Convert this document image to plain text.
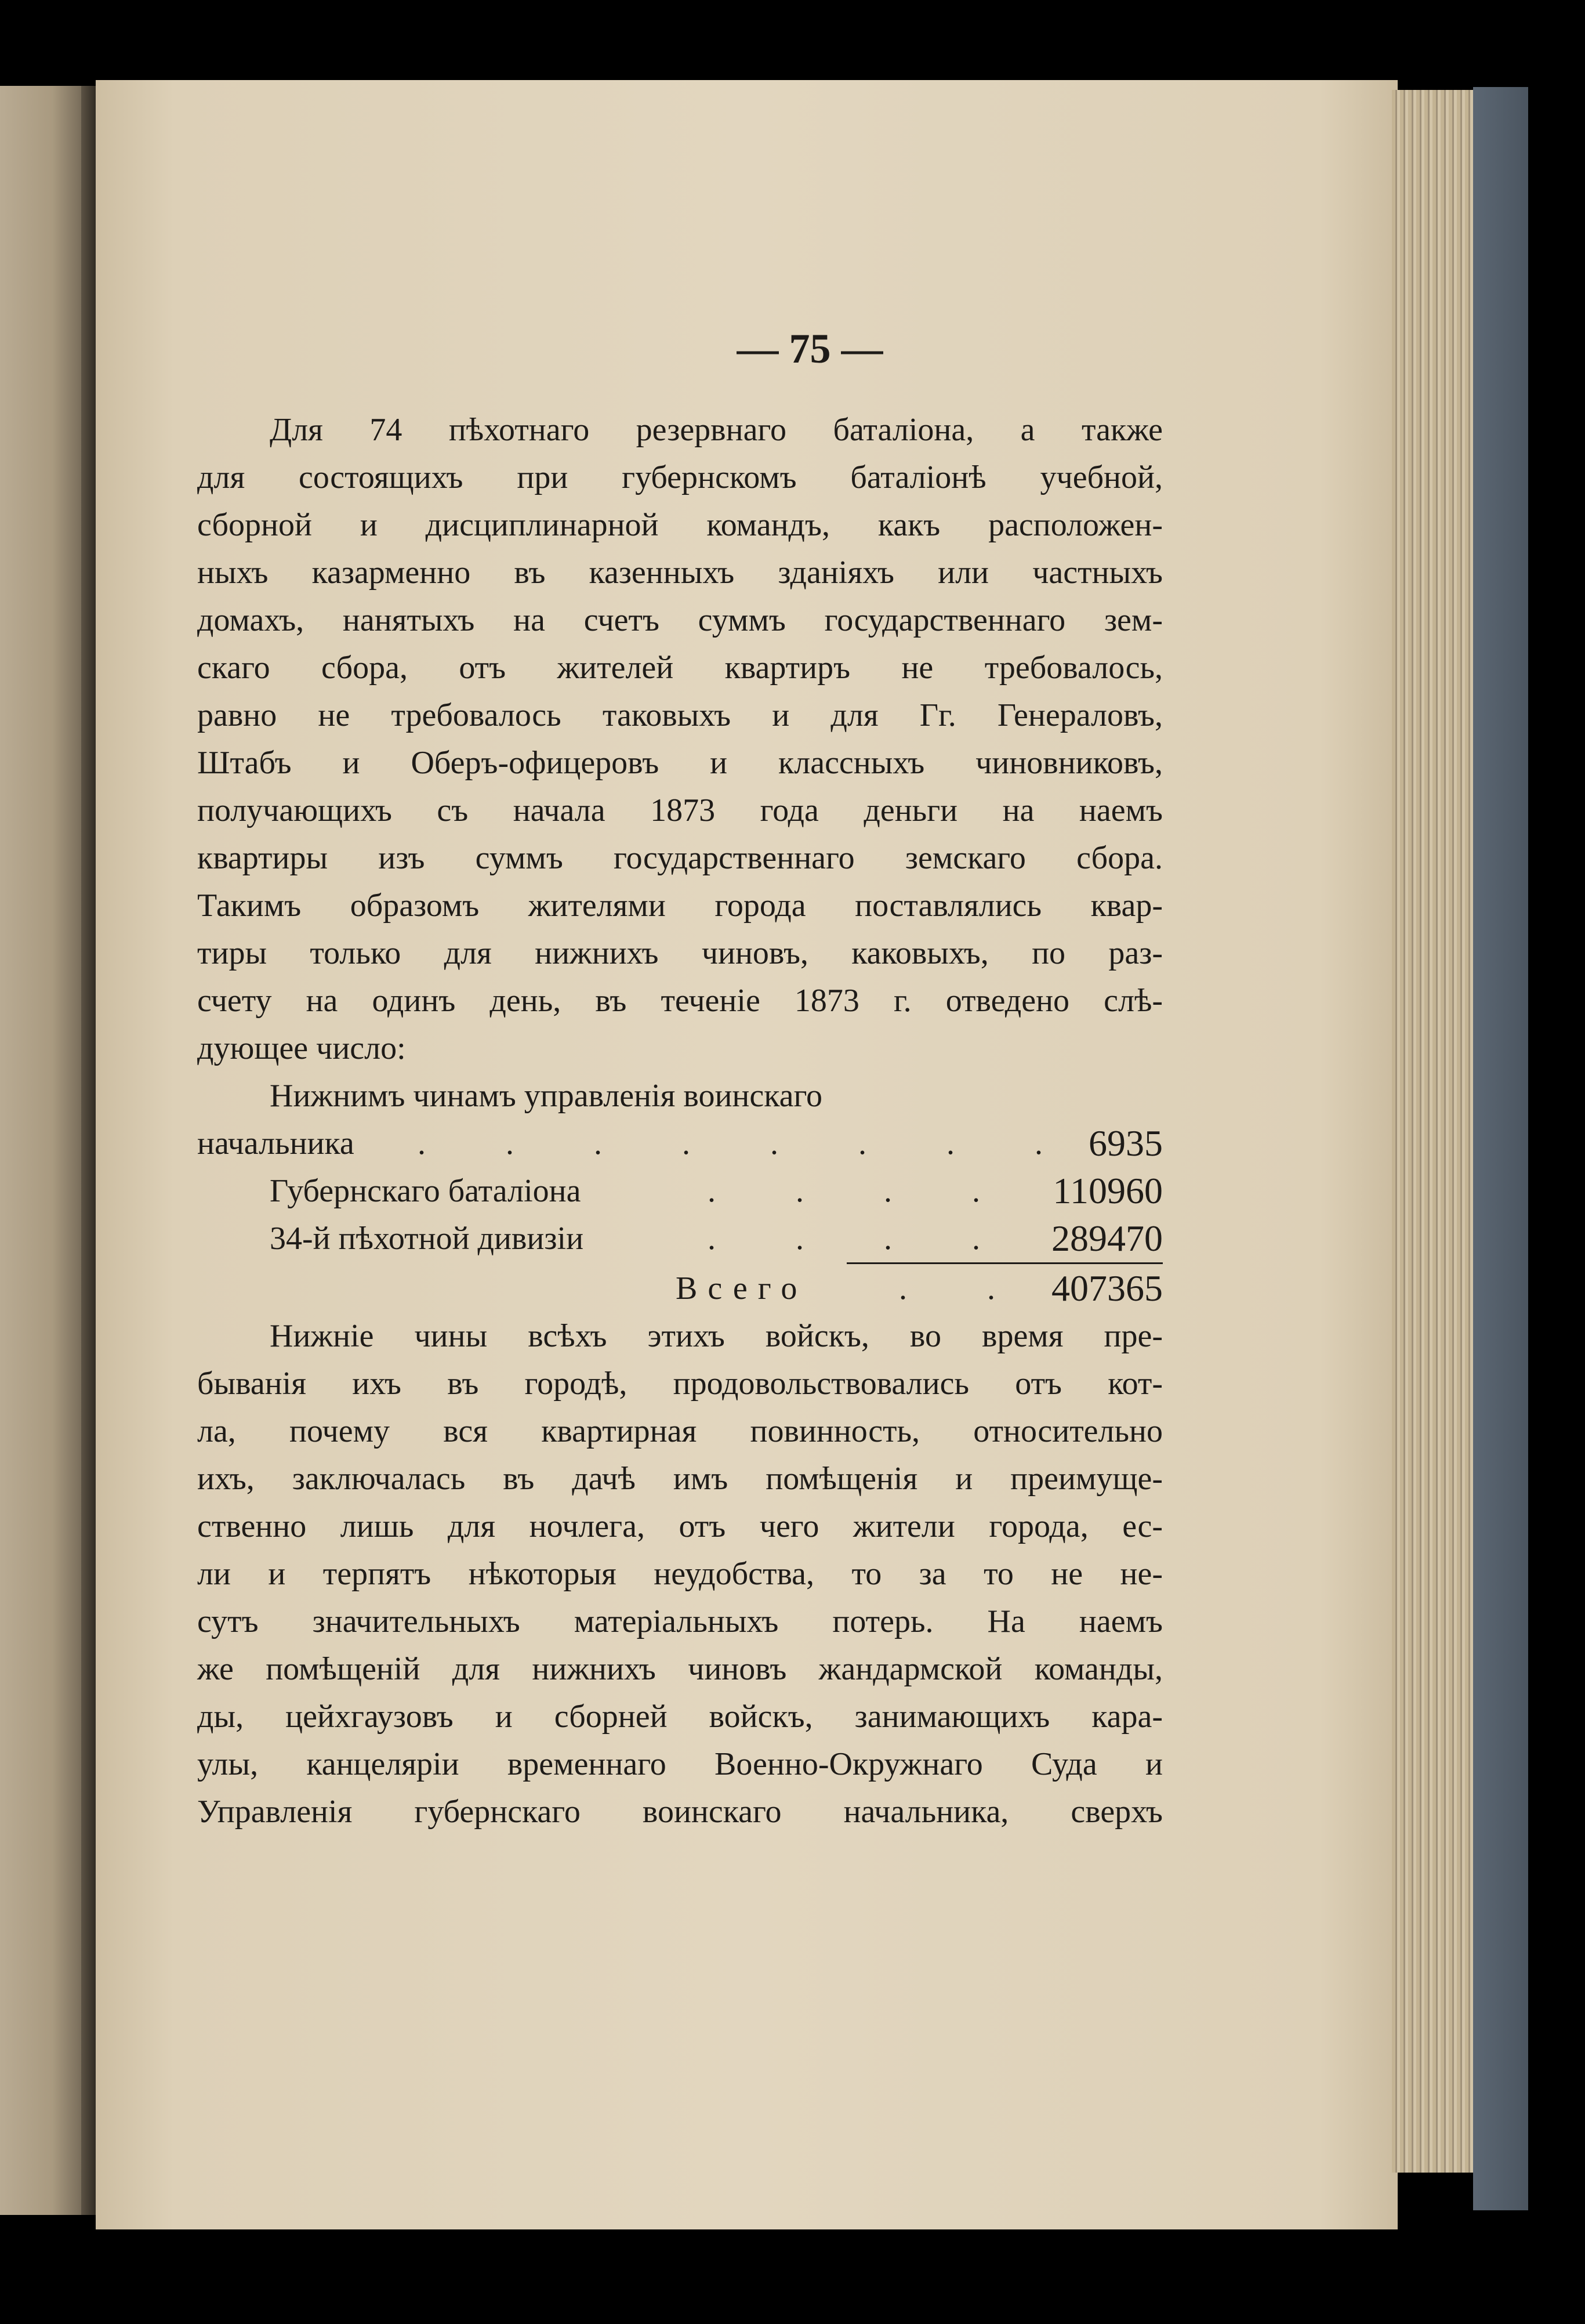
— 75 —
Для 74 пѣхотнаго резервнаго баталіона, а также
для состоящихъ при губернскомъ баталіонѣ учебной,
сборной и дисциплинарной командъ, какъ расположен-
ныхъ казарменно въ казенныхъ зданіяхъ или частныхъ
домахъ, нанятыхъ на счетъ суммъ государственнаго зем-
скаго сбора, отъ жителей квартиръ не требовалось,
равно не требовалось таковыхъ и для Гг. Генераловъ,
Штабъ и Оберъ-офицеровъ и классныхъ чиновниковъ,
получающихъ съ начала 1873 года деньги на наемъ
квартиры изъ суммъ государственнаго земскаго сбора.
Такимъ образомъ жителями города поставлялись квар-
тиры только для нижнихъ чиновъ, каковыхъ, по раз-
счету на одинъ день, въ теченіе 1873 г. отведено слѣ-
дующее число:
Нижнимъ чинамъ управленія воинскаго
начальника . . . . . . . . 6935
Губернскаго баталіона	. . . . 110960
34-й пѣхотной дивизіи	. . . . 289470
Всего	. . 407365
Нижніе чины всѣхъ этихъ войскъ, во время пре-
быванія ихъ въ городѣ, продовольствовались отъ кот-
ла, почему вся квартирная повинность, относительно
ихъ, заключалась въ дачѣ имъ помѣщенія и преимуще-
ственно лишь для ночлега, отъ чего жители города, ес-
ли и терпятъ нѣкоторыя неудобства, то за то не не-
сутъ значительныхъ матеріальныхъ потерь. На наемъ
же помѣщеній для нижнихъ чиновъ жандармской команды,
ды, цейхгаузовъ и сборней войскъ, занимающихъ кара-
улы, канцеляріи временнаго Военно-Окружнаго Суда и
Управленія губернскаго воинскаго начальника, сверхъ
